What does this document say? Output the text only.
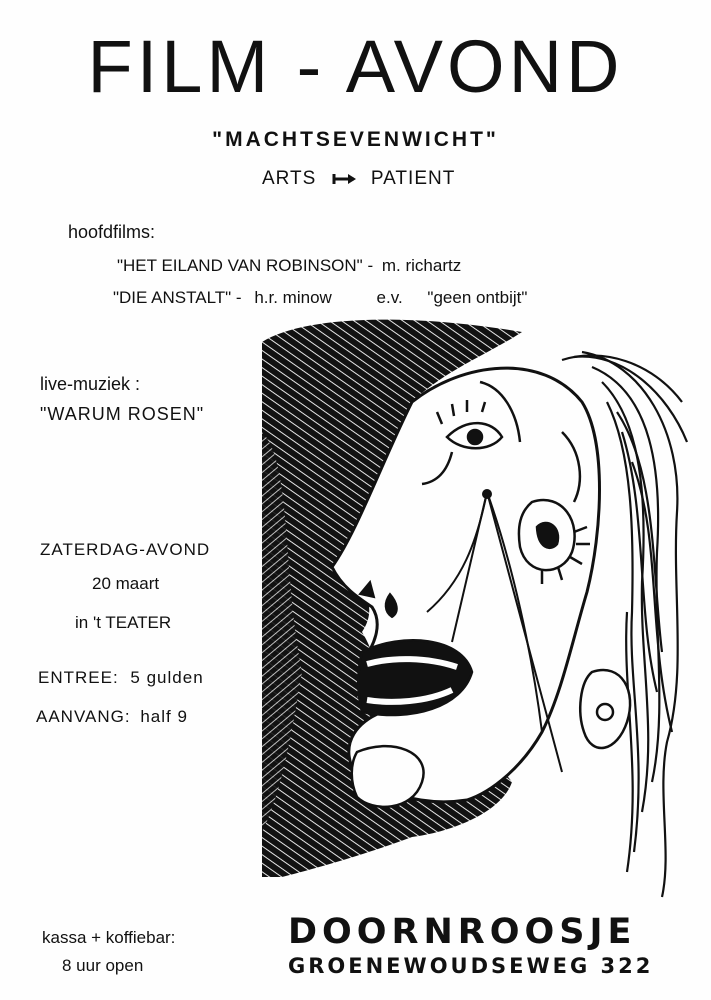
FILM - AVOND
"MACHTSEVENWICHT"
ARTS	PATIENT
hoofdfilms:
"HET EILAND VAN ROBINSON" - m. richartz
"DIE ANSTALT" - h.r. minow	e.v. "geen ontbijt"
live-muziek :
"WARUM ROSEN"
ZATERDAG-AVOND
20 maart
in 't TEATER
ENTREE: 5 gulden
AANVANG: half 9
kassa + koffiebar:
8 uur open
DOORNROOSJE
GROENEWOUDSEWEG 322
